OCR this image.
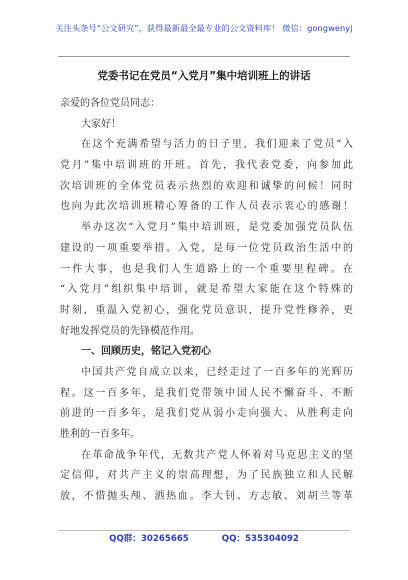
关注头条号“公文研究”，获得最新最全最专业的公文资料库！ 微信：gongwenyj
党委书记在党员“入党月”集中培训班上的讲话
亲爱的各位党员同志：
大家好！
在这个充满希望与活力的日子里，我们迎来了党员“入
党月”集中培训班的开班。首先，我代表党委，向参加此
次培训班的全体党员表示热烈的欢迎和诚挚的问候！同时
也向为此次培训班精心筹备的工作人员表示衷心的感谢！
举办这次“入党月”集中培训班，是党委加强党员队伍
建设的一项重要举措。入党，是每一位党员政治生活中的
一件大事，也是我们人生道路上的一个重要里程碑。在
“入党月”组织集中培训，就是希望大家能在这个特殊的
时刻，重温入党初心，强化党员意识，提升党性修养，更
好地发挥党员的先锋模范作用。
一、回顾历史，铭记入党初心
中国共产党自成立以来，已经走过了一百多年的光辉历
程。这一百多年，是我们党带领中国人民不懈奋斗、不断
前进的一百多年，是我们党从弱小走向强大、从胜利走向
胜利的一百多年。
在革命战争年代，无数共产党人怀着对马克思主义的坚
定信仰，对共产主义的崇高理想，为了民族独立和人民解
放，不惜抛头颅、洒热血。李大钊、方志敏、刘胡兰等革
QQ群：30265665	QQ：535304092
